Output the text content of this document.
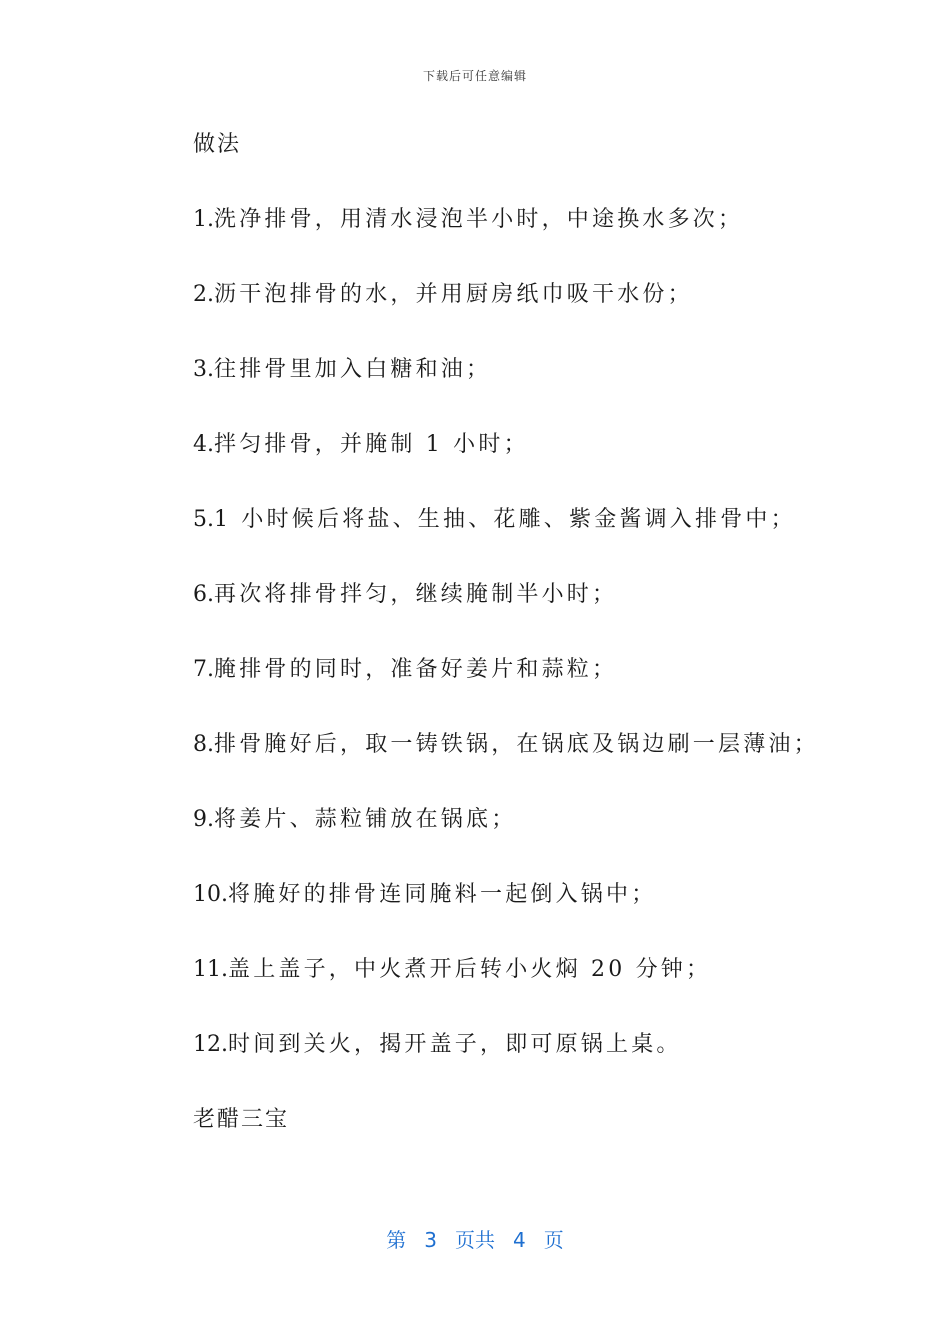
下载后可任意编辑
做法
1.洗净排骨，用清水浸泡半小时，中途换水多次；
2.沥干泡排骨的水，并用厨房纸巾吸干水份；
3.往排骨里加入白糖和油；
4.拌匀排骨，并腌制 1 小时；
5.1 小时候后将盐、生抽、花雕、紫金酱调入排骨中；
6.再次将排骨拌匀，继续腌制半小时；
7.腌排骨的同时，准备好姜片和蒜粒；
8.排骨腌好后，取一铸铁锅，在锅底及锅边刷一层薄油；
9.将姜片、蒜粒铺放在锅底；
10.将腌好的排骨连同腌料一起倒入锅中；
11.盖上盖子，中火煮开后转小火焖 20 分钟；
12.时间到关火，揭开盖子，即可原锅上桌。
老醋三宝
第 3 页共 4 页
